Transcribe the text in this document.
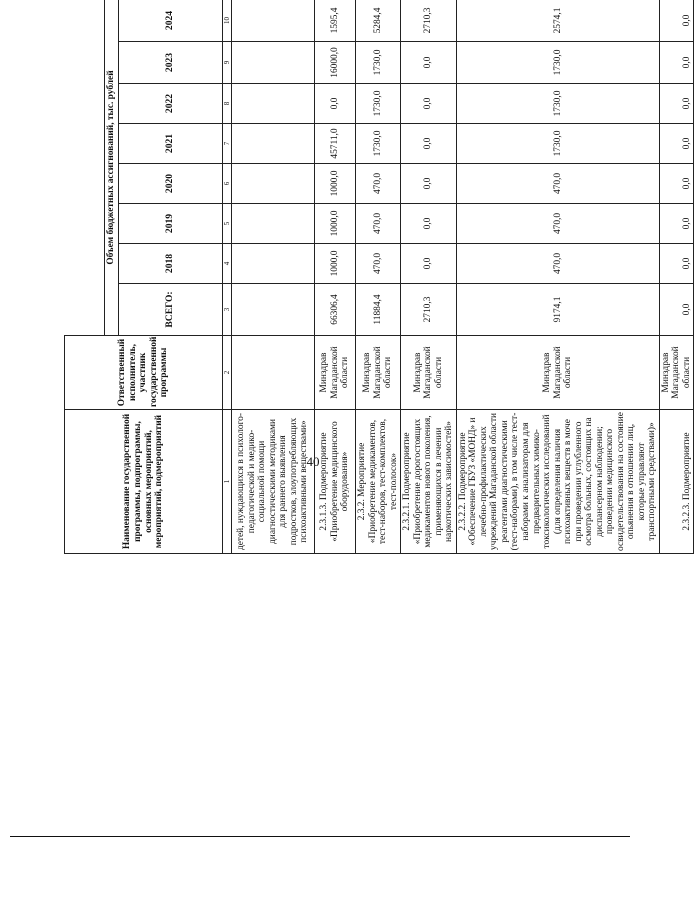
40
Наименование государственной программы, подпрограммы, основных мероприятий, мероприятий, подмероприятий	Ответственный исполнитель, участник государственной программы								
		Объем бюджетных ассигнований, тыс. рублей							
		ВСЕГО:	2018	2019	2020	2021	2022	2023	2024
1	2	3	4	5	6	7	8	9	10
детей, нуждающихся в психолого-педагогической и медико-социальной помощи диагностическими методиками для раннего выявления подростков, злоупотребляющих психоактивными веществами»									
2.3.1.3. Подмероприятие «Приобретение медицинского оборудования»	Минздрав Магаданской области	66306,4	1000,0	1000,0	1000,0	45711,0	0,0	16000,0	1595,4
2.3.2. Мероприятие «Приобретение медикаментов, тест-наборов, тест-комплектов, тест-полосок»	Минздрав Магаданской области	11884,4	470,0	470,0	470,0	1730,0	1730,0	1730,0	5284,4
2.3.2.1. Подмероприятие «Приобретение дорогостоящих медикаментов нового поколения, применяющихся в лечении наркотических зависимостей»	Минздрав Магаданской области	2710,3	0,0	0,0	0,0	0,0	0,0	0,0	2710,3
2.3.2.2. Подмероприятие «Обеспечение ГБУЗ «МОНД» и лечебно-профилактических учреждений Магаданской области реагентами диагностическими (тест-наборами), в том числе тест-наборами к анализаторам для предварительных химико-токсикологических исследований (для определения наличия психоактивных веществ в моче при проведении углубленного осмотра больных, состоящих на диспансерном наблюдении; проведении медицинского освидетельствования на состояние опьянения в отношении лиц, которые управляют транспортными средствами)»	Минздрав Магаданской области	9174,1	470,0	470,0	470,0	1730,0	1730,0	1730,0	2574,1
2.3.2.3. Подмероприятие	Минздрав Магаданской области	0,0	0,0	0,0	0,0	0,0	0,0	0,0	0,0
